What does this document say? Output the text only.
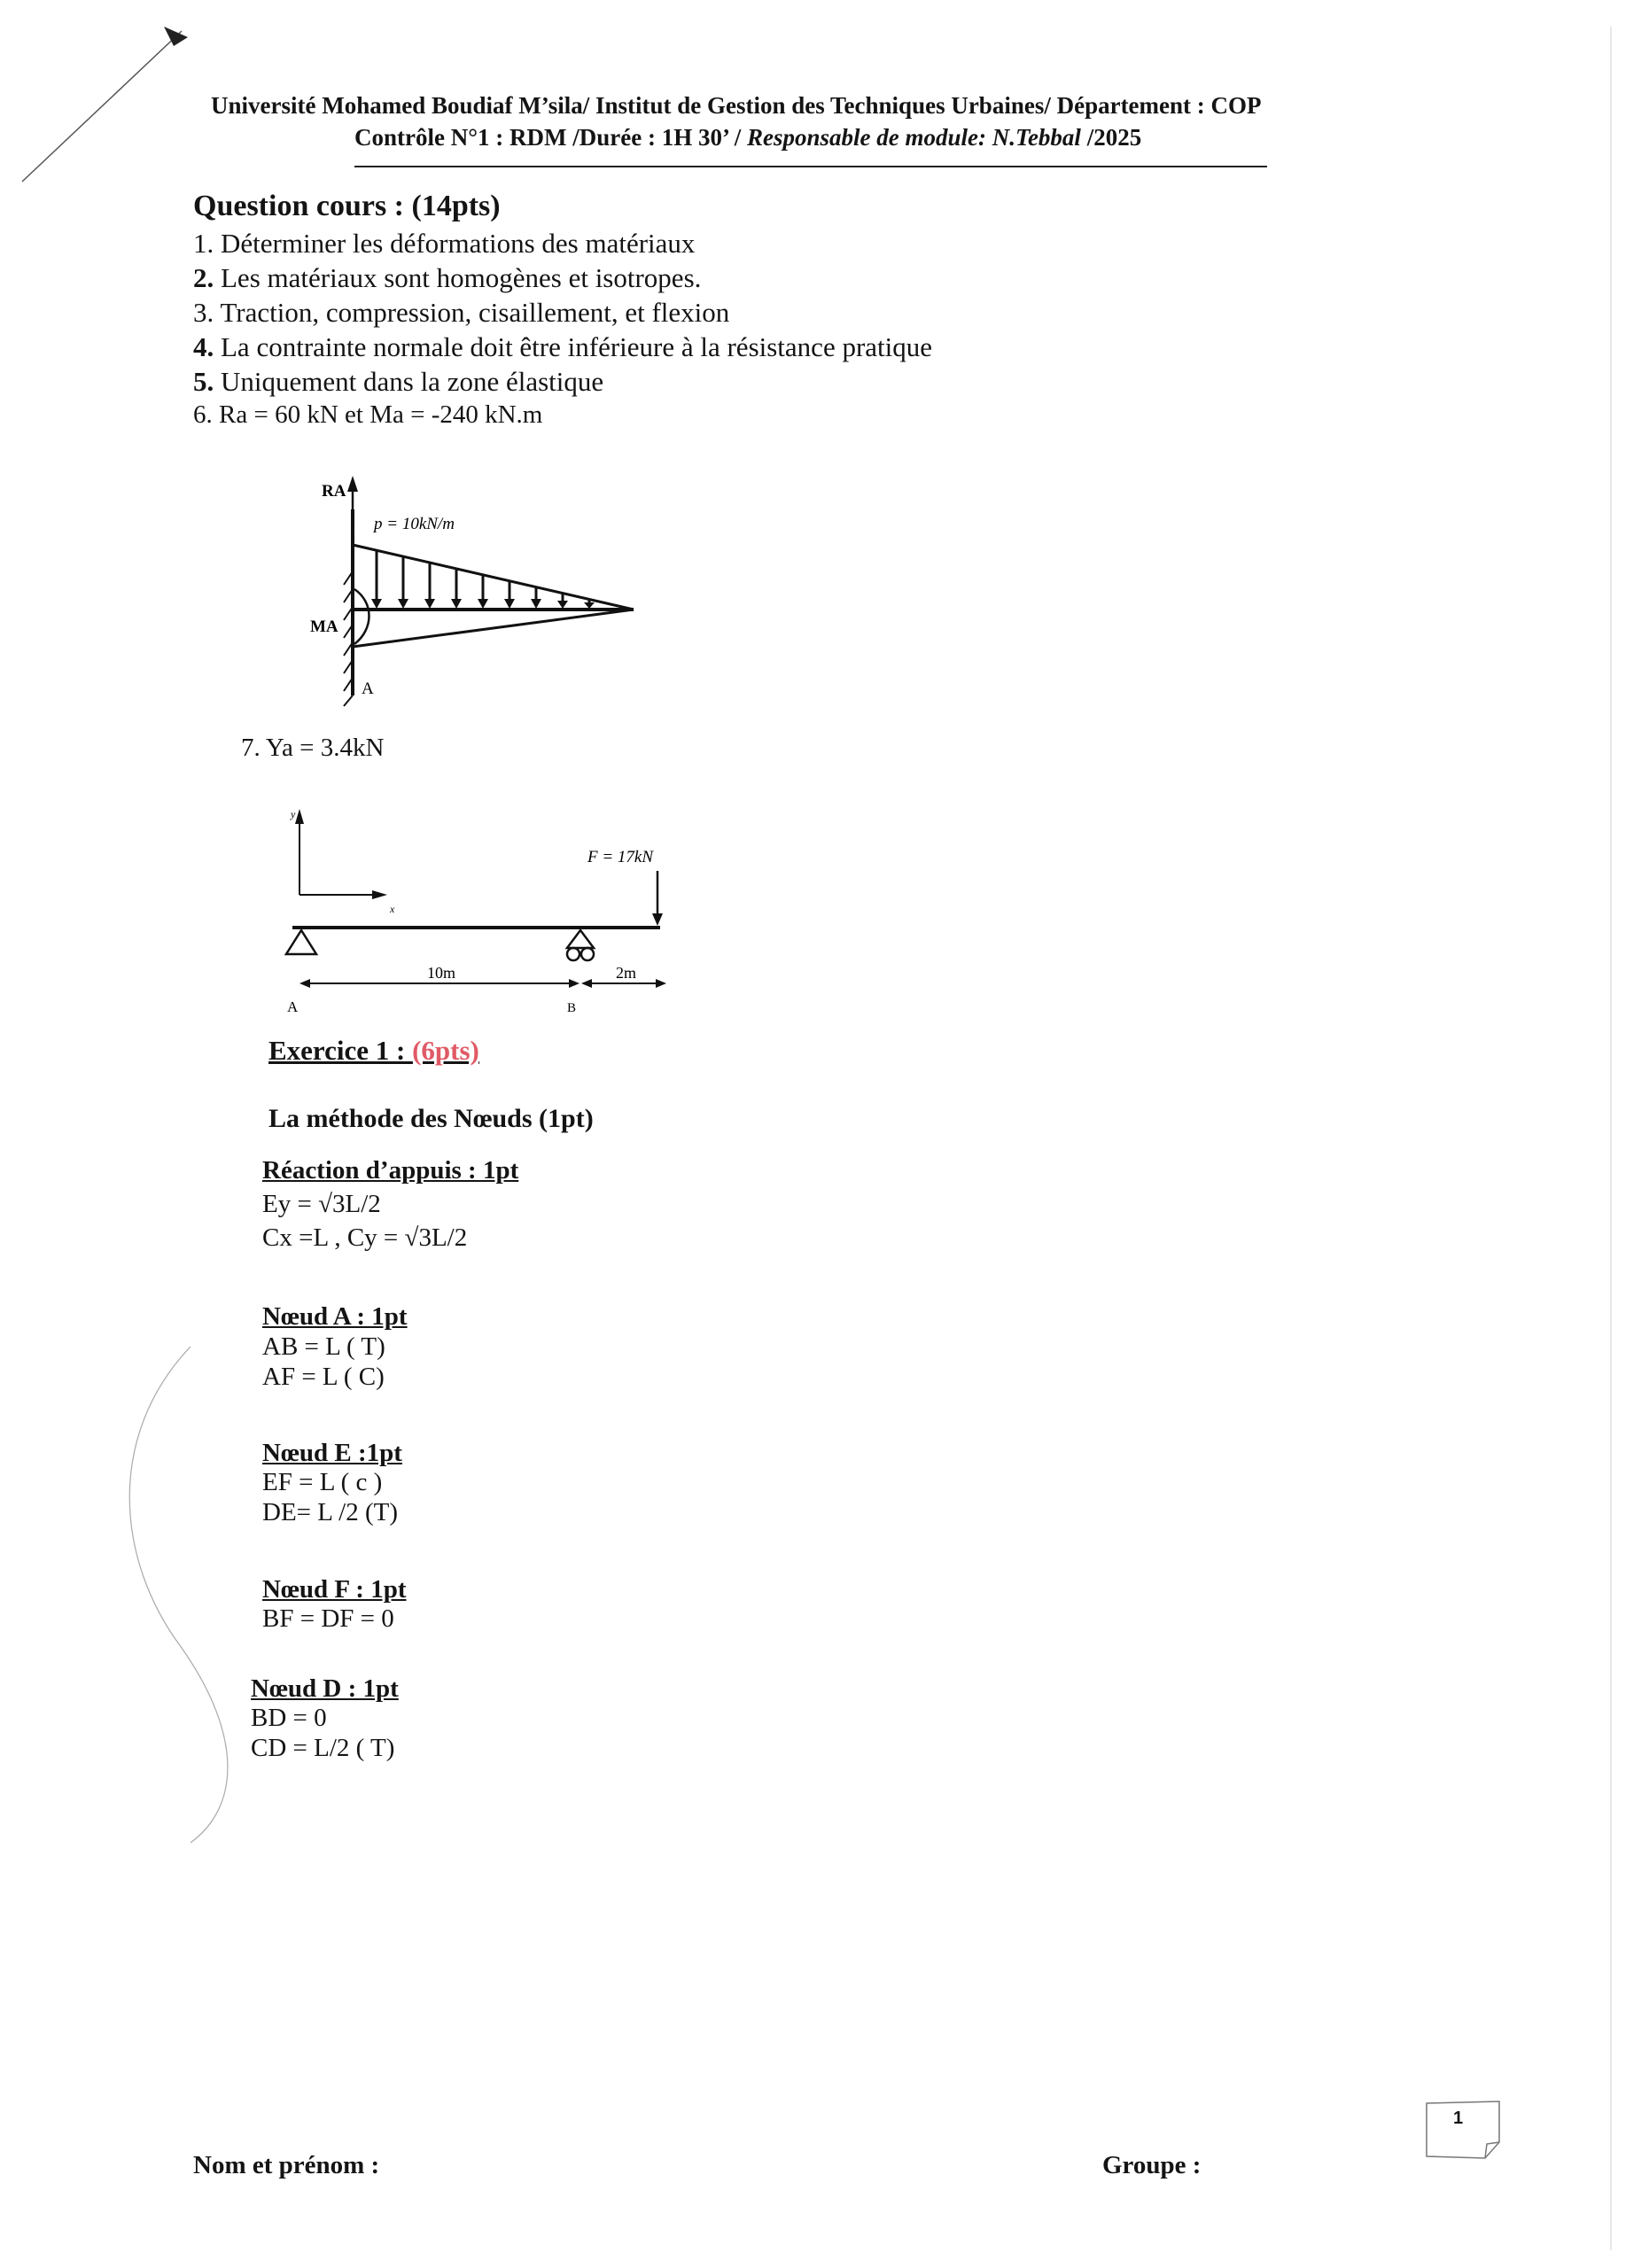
Université Mohamed Boudiaf M’sila/ Institut de Gestion des Techniques Urbaines/ Département : COP
Contrôle N°1 : RDM /Durée : 1H 30’ / Responsable de module: N.Tebbal /2025
Question cours : (14pts)
1. Déterminer les déformations des matériaux
2. Les matériaux sont homogènes et isotropes.
3. Traction, compression, cisaillement, et flexion
4. La contrainte normale doit être inférieure à la résistance pratique
5. Uniquement dans la zone élastique
6. Ra = 60 kN et Ma = -240 kN.m
RA
p = 10kN/m
MA
A
7. Ya = 3.4kN
y
x
F = 17kN
10m	2m
A	B
Exercice 1 : (6pts)
La méthode des Nœuds (1pt)
Réaction d’appuis : 1pt
Ey = √3L/2
Cx =L , Cy = √3L/2
Nœud A : 1pt
AB = L ( T)
AF = L ( C)
Nœud E :1pt
EF = L ( c )
DE= L /2 (T)
Nœud F : 1pt
BF = DF = 0
Nœud D : 1pt
BD = 0
CD = L/2 ( T)
Nom et prénom :	Groupe :
1
